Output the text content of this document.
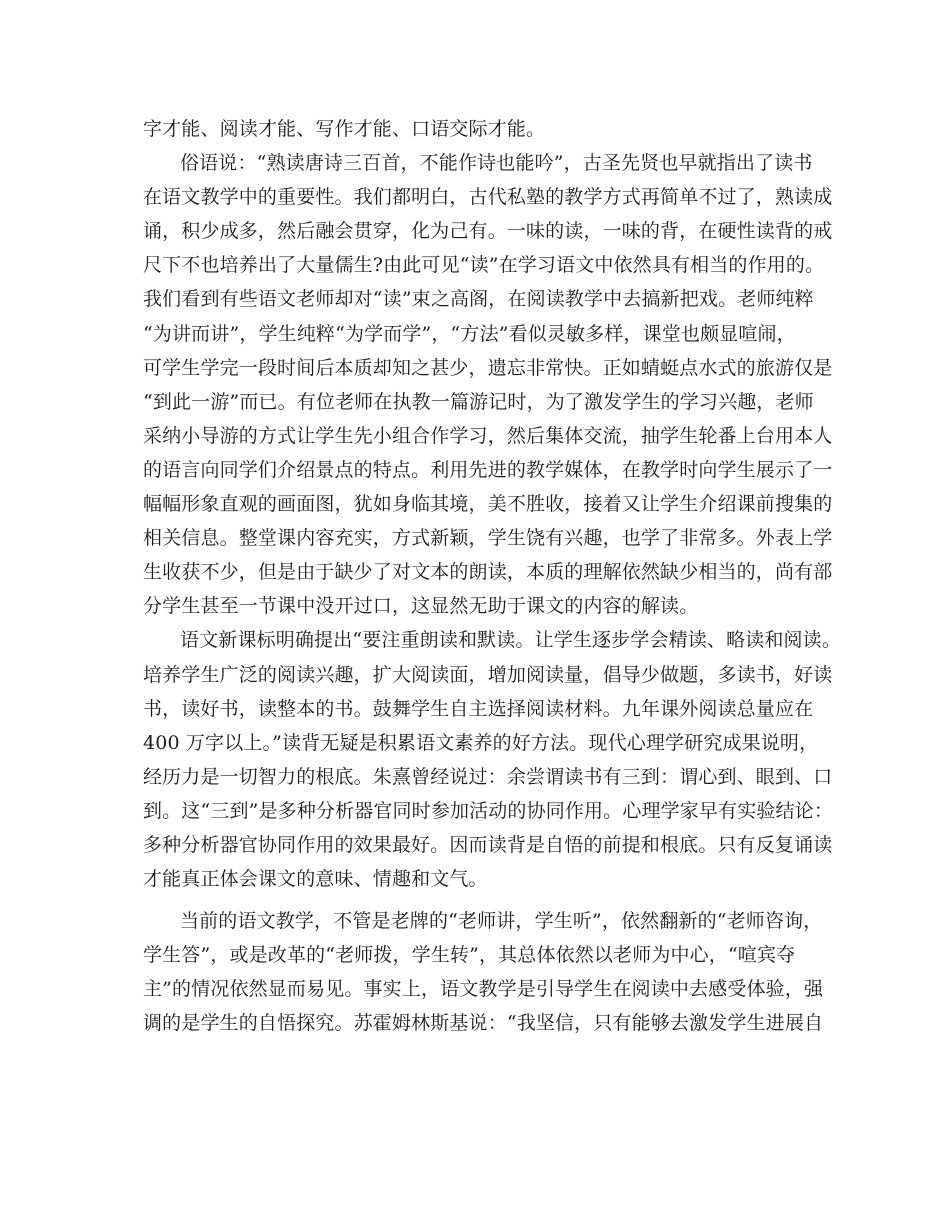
字才能、阅读才能、写作才能、口语交际才能。
俗语说：“熟读唐诗三百首，不能作诗也能吟”，古圣先贤也早就指出了读书
在语文教学中的重要性。我们都明白，古代私塾的教学方式再简单不过了，熟读成
诵，积少成多，然后融会贯穿，化为己有。一味的读，一味的背，在硬性读背的戒
尺下不也培养出了大量儒生?由此可见“读”在学习语文中依然具有相当的作用的。
我们看到有些语文老师却对“读”束之高阁，在阅读教学中去搞新把戏。老师纯粹
“为讲而讲”，学生纯粹“为学而学”，“方法”看似灵敏多样，课堂也颇显喧闹，
可学生学完一段时间后本质却知之甚少，遗忘非常快。正如蜻蜓点水式的旅游仅是
“到此一游”而已。有位老师在执教一篇游记时，为了激发学生的学习兴趣，老师
采纳小导游的方式让学生先小组合作学习，然后集体交流，抽学生轮番上台用本人
的语言向同学们介绍景点的特点。利用先进的教学媒体，在教学时向学生展示了一
幅幅形象直观的画面图，犹如身临其境，美不胜收，接着又让学生介绍课前搜集的
相关信息。整堂课内容充实，方式新颖，学生饶有兴趣，也学了非常多。外表上学
生收获不少，但是由于缺少了对文本的朗读，本质的理解依然缺少相当的，尚有部
分学生甚至一节课中没开过口，这显然无助于课文的内容的解读。
语文新课标明确提出“要注重朗读和默读。让学生逐步学会精读、略读和阅读。
培养学生广泛的阅读兴趣，扩大阅读面，增加阅读量，倡导少做题，多读书，好读
书，读好书，读整本的书。鼓舞学生自主选择阅读材料。九年课外阅读总量应在
400 万字以上。”读背无疑是积累语文素养的好方法。现代心理学研究成果说明，
经历力是一切智力的根底。朱熹曾经说过：余尝谓读书有三到：谓心到、眼到、口
到。这“三到”是多种分析器官同时参加活动的协同作用。心理学家早有实验结论：
多种分析器官协同作用的效果最好。因而读背是自悟的前提和根底。只有反复诵读
才能真正体会课文的意味、情趣和文气。
当前的语文教学，不管是老牌的“老师讲，学生听”，依然翻新的“老师咨询，
学生答”，或是改革的“老师拨，学生转”，其总体依然以老师为中心，“喧宾夺
主”的情况依然显而易见。事实上，语文教学是引导学生在阅读中去感受体验，强
调的是学生的自悟探究。苏霍姆林斯基说：“我坚信，只有能够去激发学生进展自
